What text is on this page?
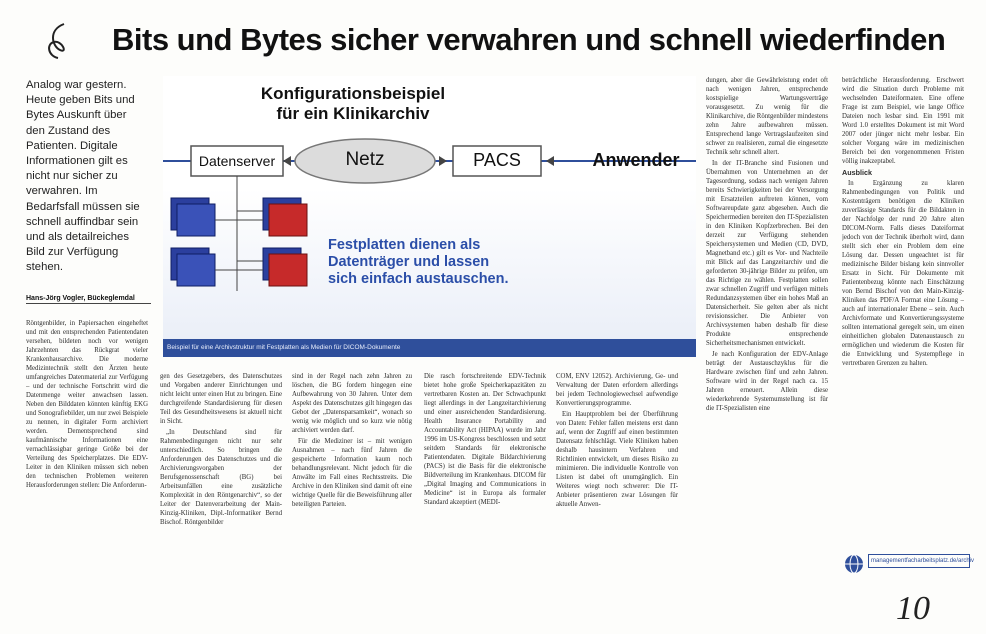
Bits und Bytes sicher verwahren und schnell wiederfinden
Analog war gestern. Heute geben Bits und Bytes Auskunft über den Zustand des Patienten. Digitale Informationen gilt es nicht nur sicher zu verwahren. Im Bedarfsfall müssen sie schnell auffindbar sein und als detailreiches Bild zur Verfügung stehen.
Hans-Jörg Vogler, Bückeglemdal
Konfigurationsbeispiel
für ein Klinikarchiv
Datenserver	Netz	PACS	Anwender
Festplatten dienen als
Datenträger und lassen
sich einfach austauschen.
Beispiel für eine Archivstruktur mit Festplatten als Medien für DICOM-Dokumente

Röntgenbilder, in Papiersachen eingeheftet und mit den entsprechenden Patientendaten versehen, bildeten noch vor wenigen Jahrzehnten das Rückgrat vieler Krankenhausarchive. Die moderne Medizintechnik stellt den Ärzten heute umfangreiches Datenmaterial zur Verfügung – und der technische Fortschritt wird die Datenmenge weiter anwachsen lassen. Neben den Bilddaten könnten künftig EKG und Sonografiebilder, um nur zwei Beispiele zu nennen, in digitaler Form archiviert werden. Dementsprechend sind kaufmännische Informationen eine vernachlässigbar geringe Größe bei der Verteilung des Speicherplatzes. Die EDV-Leiter in den Kliniken müssen sich neben den technischen Problemen weiteren Herausforderungen stellen: Die Anforderun-

gen des Gesetzgebers, des Datenschutzes und Vorgaben anderer Einrichtungen und nicht leicht unter einen Hut zu bringen. Eine durchgreifende Standardisierung für diesen Teil des Gesundheitswesens ist aktuell nicht in Sicht.

„In Deutschland sind für Rahmenbedingungen nicht nur sehr unterschiedlich. So bringen die Anforderungen des Datenschutzes und die Archivierungsvorgaben der Berufsgenossenschaft (BG) bei Arbeitsunfällen eine zusätzliche Komplexität in den Röntgenarchiv“, so der Leiter der Datenverarbeitung der Main-Kinzig-Kliniken, Dipl.-Informatiker Bernd Bischof. Röntgenbilder

sind in der Regel nach zehn Jahren zu löschen, die BG fordern hingegen eine Aufbewahrung von 30 Jahren. Unter dem Aspekt des Datenschutzes gilt hingegen das Gebot der „Datensparsamkeit“, wonach so wenig wie möglich und so kurz wie nötig archiviert werden darf.

Für die Mediziner ist – mit wenigen Ausnahmen – nach fünf Jahren die gespeicherte Information kaum noch behandlungsrelevant. Nicht jedoch für die Anwälte im Fall eines Rechtsstreits. Die Archive in den Kliniken sind damit oft eine wichtige Quelle für die Beweisführung aller beteiligten Parteien.

Die rasch fortschreitende EDV-Technik bietet hohe große Speicherkapazitäten zu vertretbaren Kosten an. Der Schwachpunkt liegt allerdings in der Langzeitarchivierung und einer ausreichenden Standardisierung. Health Insurance Portability and Accountability Act (HIPAA) wurde im Jahr 1996 im US-Kongress beschlossen und setzt seitdem Standards für elektronische Patientendaten. Digitale Bildarchivierung (PACS) ist die Basis für die elektronische Bildverteilung im Krankenhaus. DICOM für „Digital Imaging and Communications in Medicine“ ist in Europa als formaler Standard akzeptiert (MEDI-

COM, ENV 12052). Archivierung, Ge- und Verwaltung der Daten erfordern allerdings bei jedem Technologiewechsel aufwendige Konvertierungsprogramme.

Ein Hauptproblem bei der Überführung von Daten: Fehler fallen meistens erst dann auf, wenn der Zugriff auf einen bestimmten Datensatz fehlschlägt. Viele Kliniken haben deshalb hausintern Verfahren und Richtlinien entwickelt, um dieses Risiko zu minimieren. Die individuelle Kontrolle von Listen ist dabei oft unumgänglich. Ein Weiteres wiegt noch schwerer: Die IT-Anbieter präsentieren zwar Lösungen für aktuelle Anwen-

dungen, aber die Gewährleistung endet oft nach wenigen Jahren, entsprechende kostspielige Wartungsverträge vorausgesetzt. Zu wenig für die Klinikarchive, die Röntgenbilder mindestens zehn Jahre aufbewahren müssen. Entsprechend lange Vertragslaufzeiten sind schwer zu realisieren, zumal die eingesetzte Technik sehr schnell altert.

In der IT-Branche sind Fusionen und Übernahmen von Unternehmen an der Tagesordnung, sodass nach wenigen Jahren bereits Schwierigkeiten bei der Versorgung mit Ersatzteilen auftreten können, vom Softwareupdate ganz abgesehen. Auch die Speichermedien bereiten den IT-Spezialisten in den Kliniken Kopfzerbrechen. Bei den derzeit zur Verfügung stehenden Speichersystemen und Medien (CD, DVD, Magnetband etc.) gilt es Vor- und Nachteile mit Blick auf das Langzeitarchiv und die geforderten 30-jährige Bilder zu prüfen, um das Richtige zu wählen. Festplatten sollen zwar schnellen Zugriff und verfügen mittels Redundanzsystemen über ein hohes Maß an Datensicherheit. Sie gelten aber als nicht revisionssicher. Die Anbieter von Archivsystemen haben deshalb für diese Produkte entsprechende Sicherheitsmechanismen entwickelt.

Je nach Konfiguration der EDV-Anlage beträgt der Austauschzyklus für die Hardware zwischen fünf und zehn Jahren. Software wird in der Regel nach ca. 15 Jahren erneuert. Allein diese wiederkehrende Systemumstellung ist für die IT-Spezialisten eine

beträchtliche Herausforderung. Erschwert wird die Situation durch Probleme mit wechselnden Dateiformaten. Eine offene Frage ist zum Beispiel, wie lange Office Dateien noch lesbar sind. Ein 1991 mit Word 1.0 erstelltes Dokument ist mit Word 2007 oder jünger nicht mehr lesbar. Ein solcher Vorgang wäre im medizinischen Bereich bei den vorgenommenen Fristen völlig inakzeptabel.

Ausblick

In Ergänzung zu klaren Rahmenbedingungen von Politik und Kostenträgern benötigen die Kliniken zuverlässige Standards für die Bildakten in der Nachfolge der rund 20 Jahre alten DICOM-Norm. Falls dieses Dateiformat jedoch von der Technik überholt wird, dann stellt sich eher ein Problem dem eine Lösung dar. Dessen ungeachtet ist für medizinische Bilder bislang kein sinnvoller Ersatz in Sicht. Für Dokumente mit Patientenbezug könnte nach Einschätzung von Bernd Bischof von den Main-Kinzig-Kliniken das PDF/A Format eine Lösung – auch auf internationaler Ebene – sein. Auch Archivformate und Konvertierungssysteme sollten international geregelt sein, um einen einheitlichen globalen Datenaustausch zu ermöglichen und wiederum die Kosten für die Entwicklung und Systempflege in vertretbaren Grenzen zu halten.

managementfacharbeitsplatz.de/archiv
10
